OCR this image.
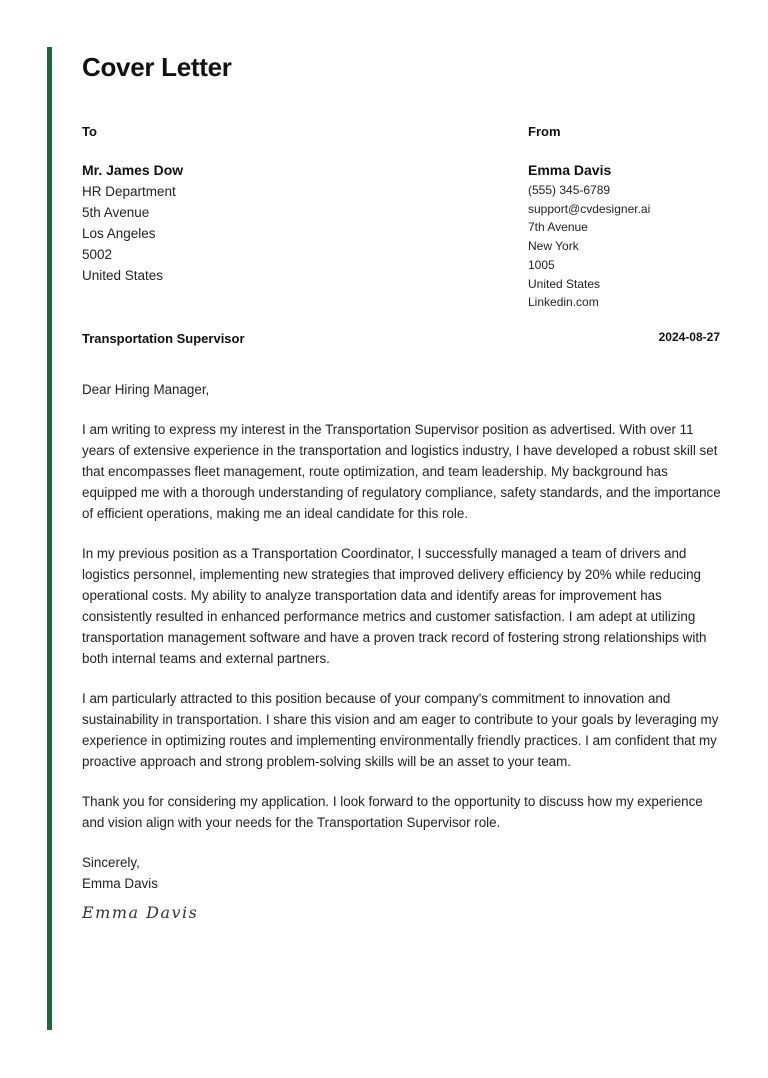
Cover Letter
To	From
Mr. James Dow
HR Department
5th Avenue
Los Angeles
5002
United States
Emma Davis
(555) 345-6789
support@cvdesigner.ai
7th Avenue
New York
1005
United States
Linkedin.com
Transportation Supervisor	2024-08-27

Dear Hiring Manager,

I am writing to express my interest in the Transportation Supervisor position as advertised. With over 11 years of extensive experience in the transportation and logistics industry, I have developed a robust skill set that encompasses fleet management, route optimization, and team leadership. My background has equipped me with a thorough understanding of regulatory compliance, safety standards, and the importance of efficient operations, making me an ideal candidate for this role.

In my previous position as a Transportation Coordinator, I successfully managed a team of drivers and logistics personnel, implementing new strategies that improved delivery efficiency by 20% while reducing operational costs. My ability to analyze transportation data and identify areas for improvement has consistently resulted in enhanced performance metrics and customer satisfaction. I am adept at utilizing transportation management software and have a proven track record of fostering strong relationships with both internal teams and external partners.

I am particularly attracted to this position because of your company's commitment to innovation and sustainability in transportation. I share this vision and am eager to contribute to your goals by leveraging my experience in optimizing routes and implementing environmentally friendly practices. I am confident that my proactive approach and strong problem-solving skills will be an asset to your team.

Thank you for considering my application. I look forward to the opportunity to discuss how my experience and vision align with your needs for the Transportation Supervisor role.

Sincerely,
Emma Davis
Emma Davis
